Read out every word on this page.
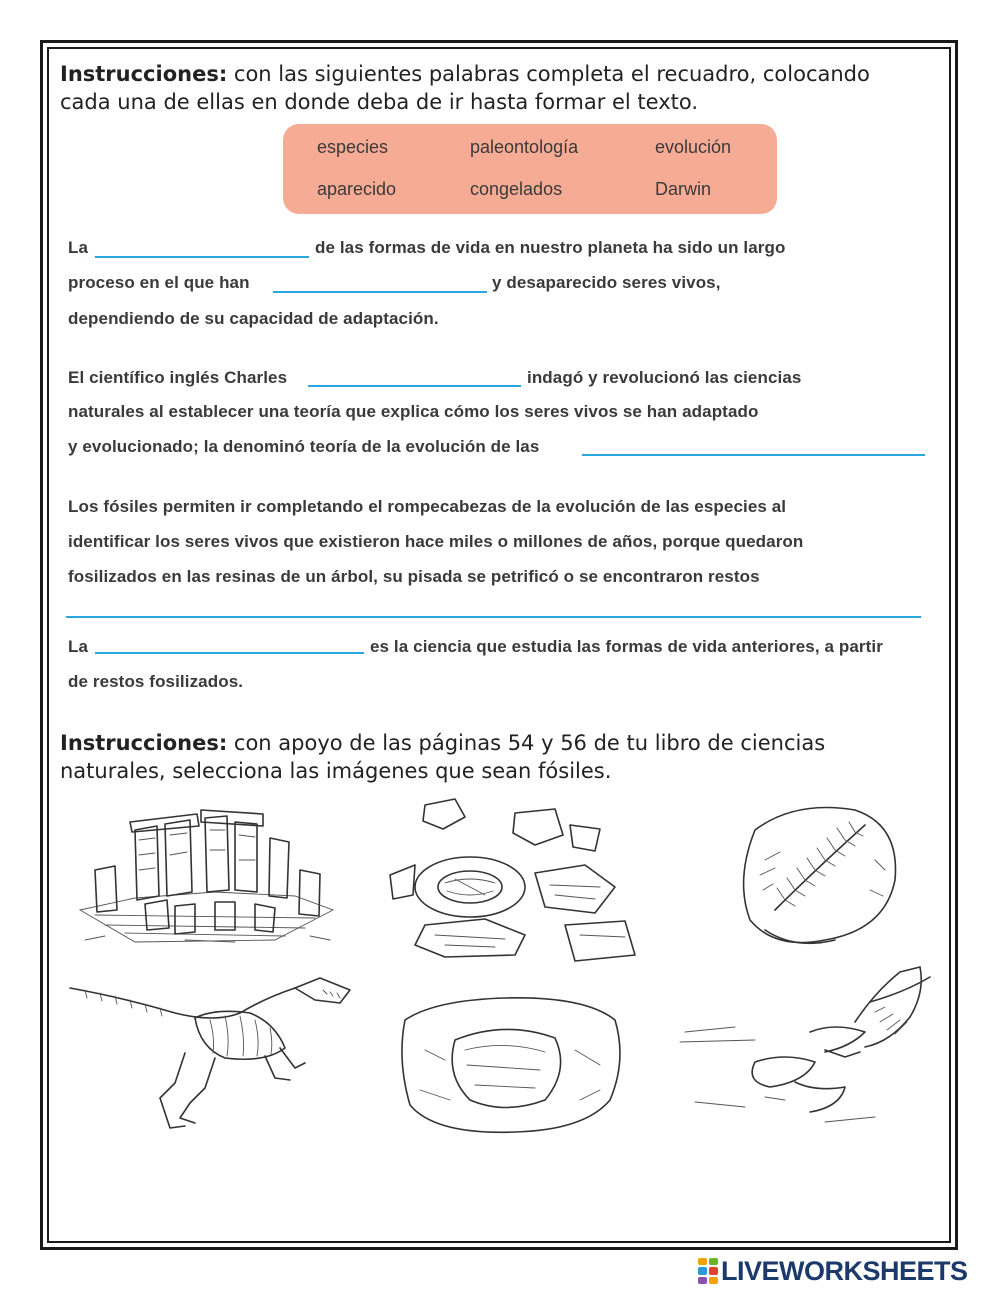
Instrucciones: con las siguientes palabras completa el recuadro, colocando
cada una de ellas en donde deba de ir hasta formar el texto.
especies	paleontología	evolución
aparecido	congelados	Darwin
La	de las formas de vida en nuestro planeta ha sido un largo
proceso en el que han	y desaparecido seres vivos,
dependiendo de su capacidad de adaptación.
El científico inglés Charles	indagó y revolucionó las ciencias
naturales al establecer una teoría que explica cómo los seres vivos se han adaptado
y evolucionado; la denominó teoría de la evolución de las
Los fósiles permiten ir completando el rompecabezas de la evolución de las especies al
identificar los seres vivos que existieron hace miles o millones de años, porque quedaron
fosilizados en las resinas de un árbol, su pisada se petrificó o se encontraron restos
La	es la ciencia que estudia las formas de vida anteriores, a partir
de restos fosilizados.
Instrucciones: con apoyo de las páginas 54 y 56 de tu libro de ciencias
naturales, selecciona las imágenes que sean fósiles.
LIVEWORKSHEETS
